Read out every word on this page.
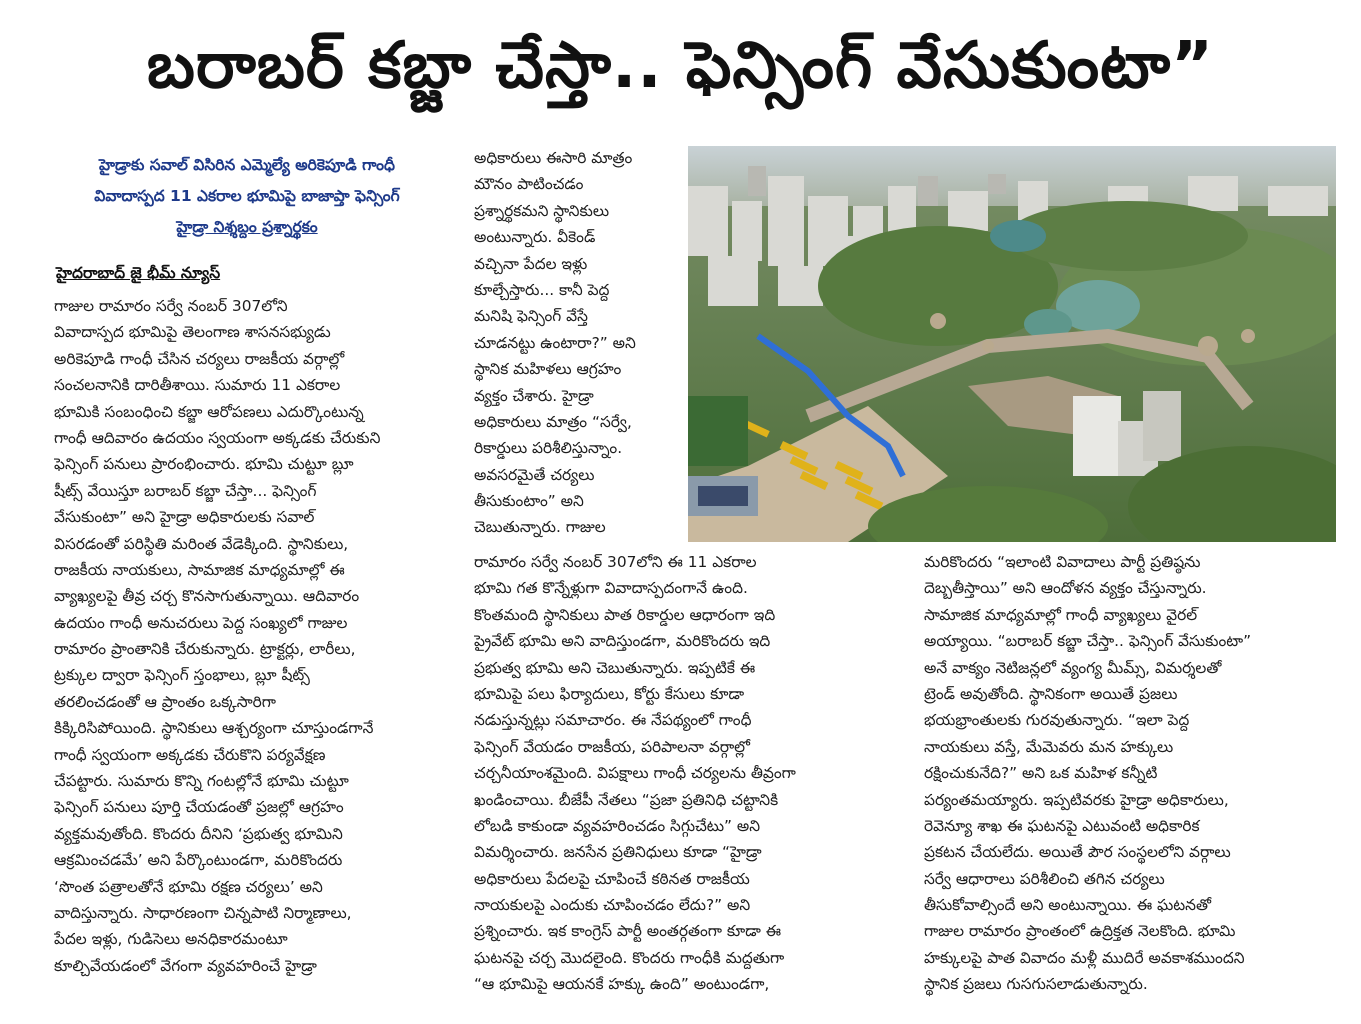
బరాబర్ కబ్జా చేస్తా.. ఫెన్సింగ్ వేసుకుంటా”
హైడ్రాకు సవాల్ విసిరిన ఎమ్మెల్యే అరికెపూడి గాంధీ
వివాదాస్పద 11 ఎకరాల భూమిపై బాజాప్తా ఫెన్సింగ్
హైడ్రా నిశ్శబ్దం ప్రశ్నార్థకం
హైదరాబాద్ జై భీమ్ న్యూస్
గాజుల రామారం సర్వే నంబర్ 307లోని
వివాదాస్పద భూమిపై తెలంగాణ శాసనసభ్యుడు
అరికెపూడి గాంధీ చేసిన చర్యలు రాజకీయ వర్గాల్లో
సంచలనానికి దారితీశాయి. సుమారు 11 ఎకరాల
భూమికి సంబంధించి కబ్జా ఆరోపణలు ఎదుర్కొంటున్న
గాంధీ ఆదివారం ఉదయం స్వయంగా అక్కడకు చేరుకుని
ఫెన్సింగ్ పనులు ప్రారంభించారు. భూమి చుట్టూ బ్లూ
షీట్స్ వేయిస్తూ బరాబర్ కబ్జా చేస్తా... ఫెన్సింగ్
వేసుకుంటా” అని హైడ్రా అధికారులకు సవాల్
విసరడంతో పరిస్థితి మరింత వేడెక్కింది. స్థానికులు,
రాజకీయ నాయకులు, సామాజిక మాధ్యమాల్లో ఈ
వ్యాఖ్యలపై తీవ్ర చర్చ కొనసాగుతున్నాయి. ఆదివారం
ఉదయం గాంధీ అనుచరులు పెద్ద సంఖ్యలో గాజుల
రామారం ప్రాంతానికి చేరుకున్నారు. ట్రాక్టర్లు, లారీలు,
ట్రక్కుల ద్వారా ఫెన్సింగ్ స్తంభాలు, బ్లూ షీట్స్
తరలించడంతో ఆ ప్రాంతం ఒక్కసారిగా
కిక్కిరిసిపోయింది. స్థానికులు ఆశ్చర్యంగా చూస్తుండగానే
గాంధీ స్వయంగా అక్కడకు చేరుకొని పర్యవేక్షణ
చేపట్టారు. సుమారు కొన్ని గంటల్లోనే భూమి చుట్టూ
ఫెన్సింగ్ పనులు పూర్తి చేయడంతో ప్రజల్లో ఆగ్రహం
వ్యక్తమవుతోంది. కొందరు దీనిని ‘ప్రభుత్వ భూమిని
ఆక్రమించడమే’ అని పేర్కొంటుండగా, మరికొందరు
‘సొంత పత్రాలతోనే భూమి రక్షణ చర్యలు’ అని
వాదిస్తున్నారు. సాధారణంగా చిన్నపాటి నిర్మాణాలు,
పేదల ఇళ్లు, గుడిసెలు అనధికారమంటూ
కూల్చివేయడంలో వేగంగా వ్యవహరించే హైడ్రా
అధికారులు ఈసారి మాత్రం
మౌనం పాటించడం
ప్రశ్నార్థకమని స్థానికులు
అంటున్నారు. వీకెండ్
వచ్చినా పేదల ఇళ్లు
కూల్చేస్తారు... కానీ పెద్ద
మనిషి ఫెన్సింగ్ వేస్తే
చూడనట్టు ఉంటారా?” అని
స్థానిక మహిళలు ఆగ్రహం
వ్యక్తం చేశారు. హైడ్రా
అధికారులు మాత్రం “సర్వే,
రికార్డులు పరిశీలిస్తున్నాం.
అవసరమైతే చర్యలు
తీసుకుంటాం” అని
చెబుతున్నారు. గాజుల
రామారం సర్వే నంబర్ 307లోని ఈ 11 ఎకరాల
భూమి గత కొన్నేళ్లుగా వివాదాస్పదంగానే ఉంది.
కొంతమంది స్థానికులు పాత రికార్డుల ఆధారంగా ఇది
ప్రైవేట్ భూమి అని వాదిస్తుండగా, మరికొందరు ఇది
ప్రభుత్వ భూమి అని చెబుతున్నారు. ఇప్పటికే ఈ
భూమిపై పలు ఫిర్యాదులు, కోర్టు కేసులు కూడా
నడుస్తున్నట్లు సమాచారం. ఈ నేపథ్యంలో గాంధీ
ఫెన్సింగ్ వేయడం రాజకీయ, పరిపాలనా వర్గాల్లో
చర్చనీయాంశమైంది. విపక్షాలు గాంధీ చర్యలను తీవ్రంగా
ఖండించాయి. బీజేపీ నేతలు “ప్రజా ప్రతినిధి చట్టానికి
లోబడి కాకుండా వ్యవహరించడం సిగ్గుచేటు” అని
విమర్శించారు. జనసేన ప్రతినిధులు కూడా “హైడ్రా
అధికారులు పేదలపై చూపించే కఠినత రాజకీయ
నాయకులపై ఎందుకు చూపించడం లేదు?” అని
ప్రశ్నించారు. ఇక కాంగ్రెస్ పార్టీ అంతర్గతంగా కూడా ఈ
ఘటనపై చర్చ మొదలైంది. కొందరు గాంధీకి మద్దతుగా
“ఆ భూమిపై ఆయనకే హక్కు ఉంది” అంటుండగా,
మరికొందరు “ఇలాంటి వివాదాలు పార్టీ ప్రతిష్ఠను
దెబ్బతీస్తాయి” అని ఆందోళన వ్యక్తం చేస్తున్నారు.
సామాజిక మాధ్యమాల్లో గాంధీ వ్యాఖ్యలు వైరల్
అయ్యాయి. “బరాబర్ కబ్జా చేస్తా.. ఫెన్సింగ్ వేసుకుంటా”
అనే వాక్యం నెటిజన్లలో వ్యంగ్య మీమ్స్, విమర్శలతో
ట్రెండ్ అవుతోంది. స్థానికంగా అయితే ప్రజలు
భయభ్రాంతులకు గురవుతున్నారు. “ఇలా పెద్ద
నాయకులు వస్తే, మేమెవరు మన హక్కులు
రక్షించుకునేది?” అని ఒక మహిళ కన్నీటి
పర్యంతమయ్యారు. ఇప్పటివరకు హైడ్రా అధికారులు,
రెవెన్యూ శాఖ ఈ ఘటనపై ఎటువంటి అధికారిక
ప్రకటన చేయలేదు. అయితే పౌర సంస్థలలోని వర్గాలు
సర్వే ఆధారాలు పరిశీలించి తగిన చర్యలు
తీసుకోవాల్సిందే అని అంటున్నాయి. ఈ ఘటనతో
గాజుల రామారం ప్రాంతంలో ఉద్రిక్తత నెలకొంది. భూమి
హక్కులపై పాత వివాదం మళ్లీ ముదిరే అవకాశముందని
స్థానిక ప్రజలు గుసగుసలాడుతున్నారు.
